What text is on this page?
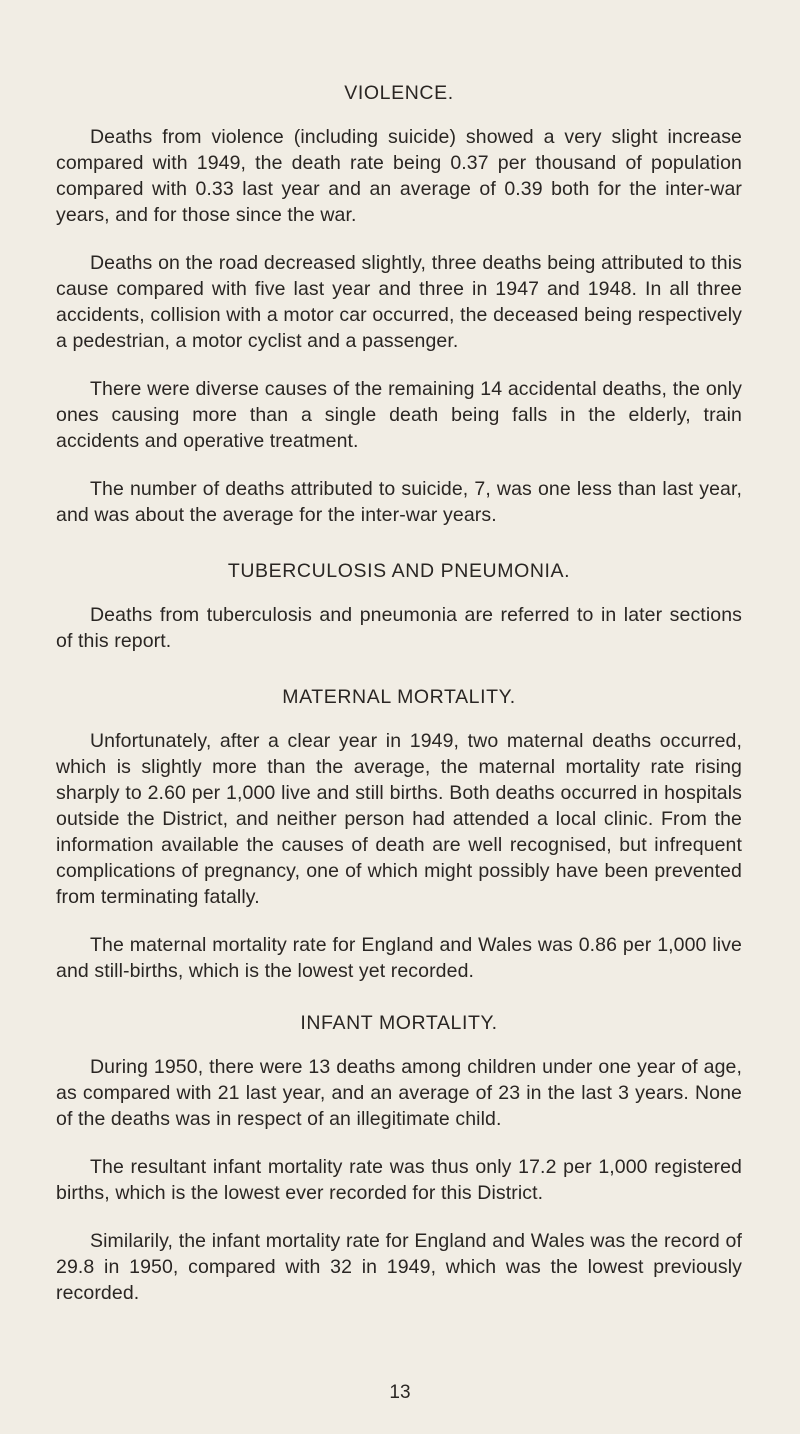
VIOLENCE.

Deaths from violence (including suicide) showed a very slight increase compared with 1949, the death rate being 0.37 per thousand of population compared with 0.33 last year and an average of 0.39 both for the inter-war years, and for those since the war.

Deaths on the road decreased slightly, three deaths being attributed to this cause compared with five last year and three in 1947 and 1948. In all three accidents, collision with a motor car occurred, the deceased being respectively a pedestrian, a motor cyclist and a passenger.

There were diverse causes of the remaining 14 accidental deaths, the only ones causing more than a single death being falls in the elderly, train accidents and operative treatment.

The number of deaths attributed to suicide, 7, was one less than last year, and was about the average for the inter-war years.

TUBERCULOSIS AND PNEUMONIA.

Deaths from tuberculosis and pneumonia are referred to in later sections of this report.

MATERNAL MORTALITY.

Unfortunately, after a clear year in 1949, two maternal deaths occurred, which is slightly more than the average, the maternal mortality rate rising sharply to 2.60 per 1,000 live and still births. Both deaths occurred in hospitals outside the District, and neither person had attended a local clinic. From the information available the causes of death are well recognised, but infrequent complications of pregnancy, one of which might possibly have been prevented from terminating fatally.

The maternal mortality rate for England and Wales was 0.86 per 1,000 live and still-births, which is the lowest yet recorded.

INFANT MORTALITY.

During 1950, there were 13 deaths among children under one year of age, as compared with 21 last year, and an average of 23 in the last 3 years. None of the deaths was in respect of an illegitimate child.

The resultant infant mortality rate was thus only 17.2 per 1,000 registered births, which is the lowest ever recorded for this District.

Similarily, the infant mortality rate for England and Wales was the record of 29.8 in 1950, compared with 32 in 1949, which was the lowest previously recorded.

13
